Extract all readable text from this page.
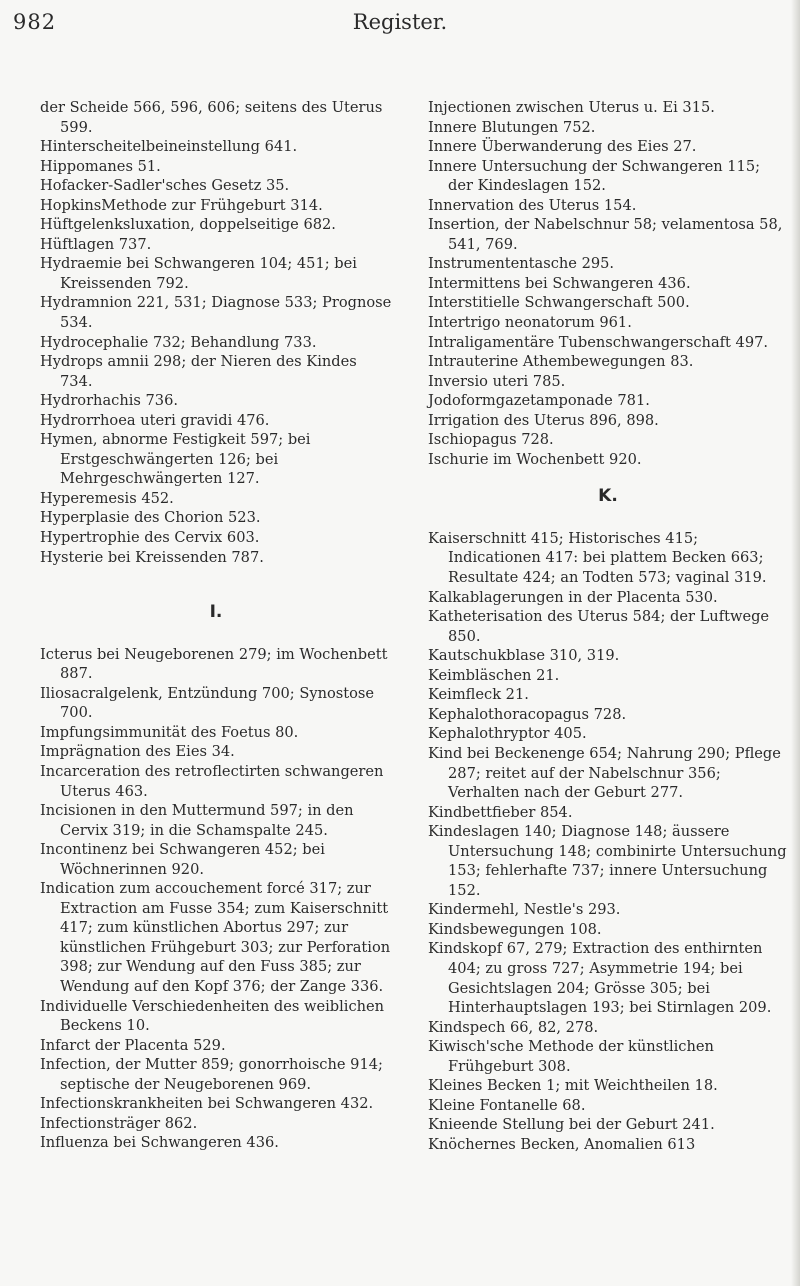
982	Register.

der Scheide 566, 596, 606; seitens des Uterus 599.

Hinterscheitelbeineinstellung 641.

Hippomanes 51.

Hofacker-Sadler'sches Gesetz 35.

HopkinsMethode zur Frühgeburt 314.

Hüftgelenksluxation, doppelseitige 682.

Hüftlagen 737.

Hydraemie bei Schwangeren 104; 451; bei Kreissenden 792.

Hydramnion 221, 531; Diagnose 533; Prognose 534.

Hydrocephalie 732; Behandlung 733.

Hydrops amnii 298; der Nieren des Kindes 734.

Hydrorhachis 736.

Hydrorrhoea uteri gravidi 476.

Hymen, abnorme Festigkeit 597; bei Erstgeschwängerten 126; bei Mehrgeschwängerten 127.

Hyperemesis 452.

Hyperplasie des Chorion 523.

Hypertrophie des Cervix 603.

Hysterie bei Kreissenden 787.

I.

Icterus bei Neugeborenen 279; im Wochenbett 887.

Iliosacralgelenk, Entzündung 700; Synostose 700.

Impfungsimmunität des Foetus 80.

Imprägnation des Eies 34.

Incarceration des retroflectirten schwangeren Uterus 463.

Incisionen in den Muttermund 597; in den Cervix 319; in die Schamspalte 245.

Incontinenz bei Schwangeren 452; bei Wöchnerinnen 920.

Indication zum accouchement forcé 317; zur Extraction am Fusse 354; zum Kaiserschnitt 417; zum künstlichen Abortus 297; zur künstlichen Frühgeburt 303; zur Perforation 398; zur Wendung auf den Fuss 385; zur Wendung auf den Kopf 376; der Zange 336.

Individuelle Verschiedenheiten des weiblichen Beckens 10.

Infarct der Placenta 529.

Infection, der Mutter 859; gonorrhoische 914; septische der Neugeborenen 969.

Infectionskrankheiten bei Schwangeren 432.

Infectionsträger 862.

Influenza bei Schwangeren 436.

Injectionen zwischen Uterus u. Ei 315.

Innere Blutungen 752.

Innere Überwanderung des Eies 27.

Innere Untersuchung der Schwangeren 115; der Kindeslagen 152.

Innervation des Uterus 154.

Insertion, der Nabelschnur 58; velamentosa 58, 541, 769.

Instrumententasche 295.

Intermittens bei Schwangeren 436.

Interstitielle Schwangerschaft 500.

Intertrigo neonatorum 961.

Intraligamentäre Tubenschwangerschaft 497.

Intrauterine Athembewegungen 83.

Inversio uteri 785.

Jodoformgazetamponade 781.

Irrigation des Uterus 896, 898.

Ischiopagus 728.

Ischurie im Wochenbett 920.

K.

Kaiserschnitt 415; Historisches 415; Indicationen 417: bei plattem Becken 663; Resultate 424; an Todten 573; vaginal 319.

Kalkablagerungen in der Placenta 530.

Katheterisation des Uterus 584; der Luftwege 850.

Kautschukblase 310, 319.

Keimbläschen 21.

Keimfleck 21.

Kephalothoracopagus 728.

Kephalothryptor 405.

Kind bei Beckenenge 654; Nahrung 290; Pflege 287; reitet auf der Nabelschnur 356; Verhalten nach der Geburt 277.

Kindbettfieber 854.

Kindeslagen 140; Diagnose 148; äussere Untersuchung 148; combinirte Untersuchung 153; fehlerhafte 737; innere Untersuchung 152.

Kindermehl, Nestle's 293.

Kindsbewegungen 108.

Kindskopf 67, 279; Extraction des enthirnten 404; zu gross 727; Asymmetrie 194; bei Gesichtslagen 204; Grösse 305; bei Hinterhauptslagen 193; bei Stirnlagen 209.

Kindspech 66, 82, 278.

Kiwisch'sche Methode der künstlichen Frühgeburt 308.

Kleines Becken 1; mit Weichtheilen 18.

Kleine Fontanelle 68.

Knieende Stellung bei der Geburt 241.

Knöchernes Becken, Anomalien 613
